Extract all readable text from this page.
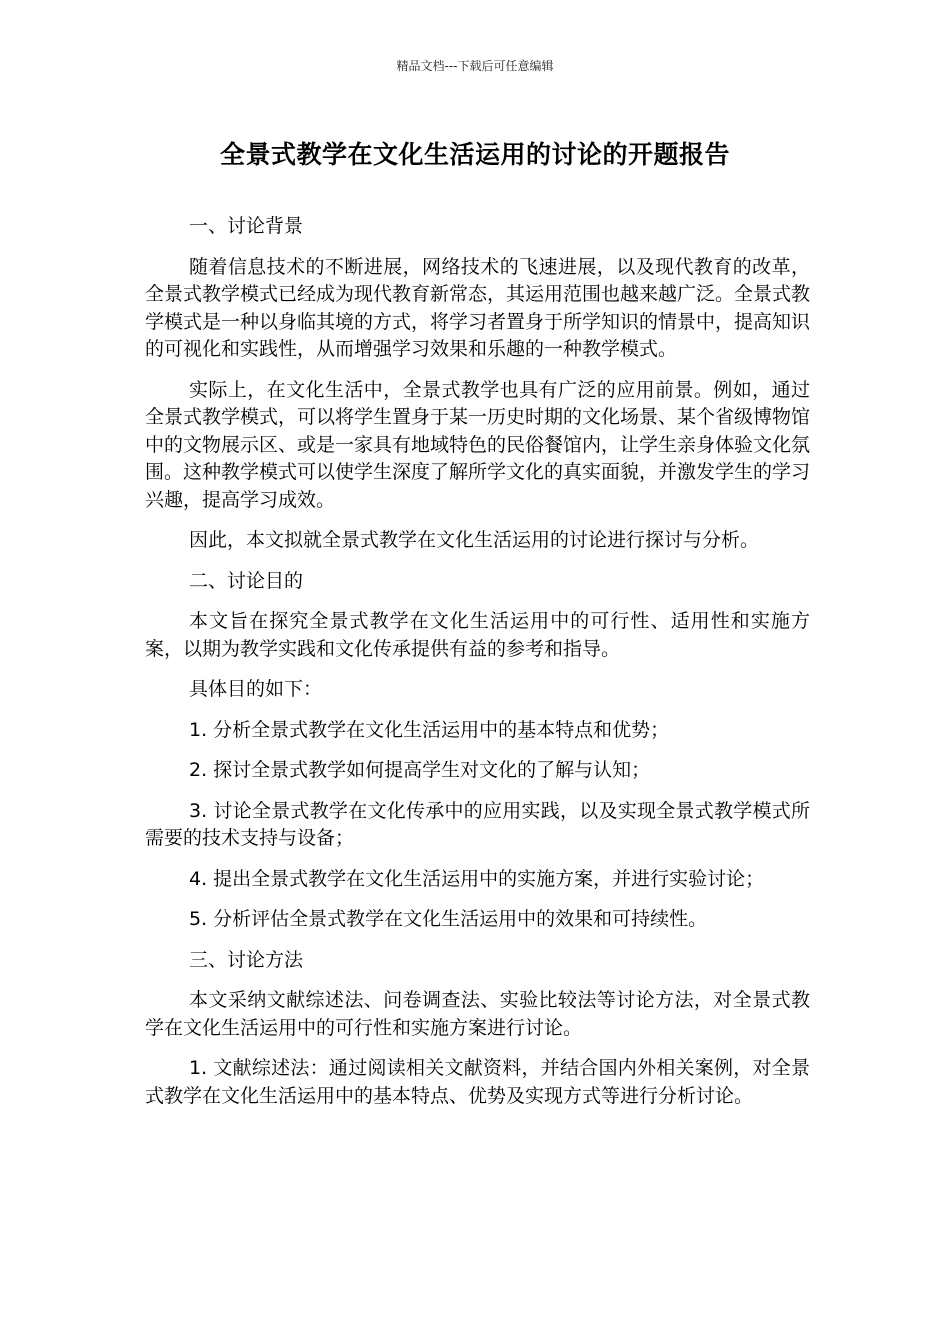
精品文档---下载后可任意编辑
全景式教学在文化生活运用的讨论的开题报告

一、讨论背景

随着信息技术的不断进展，网络技术的飞速进展，以及现代教育的改革，全景式教学模式已经成为现代教育新常态，其运用范围也越来越广泛。全景式教学模式是一种以身临其境的方式，将学习者置身于所学知识的情景中，提高知识的可视化和实践性，从而增强学习效果和乐趣的一种教学模式。

实际上，在文化生活中，全景式教学也具有广泛的应用前景。例如，通过全景式教学模式，可以将学生置身于某一历史时期的文化场景、某个省级博物馆中的文物展示区、或是一家具有地域特色的民俗餐馆内，让学生亲身体验文化氛围。这种教学模式可以使学生深度了解所学文化的真实面貌，并激发学生的学习兴趣，提高学习成效。

因此，本文拟就全景式教学在文化生活运用的讨论进行探讨与分析。

二、讨论目的

本文旨在探究全景式教学在文化生活运用中的可行性、适用性和实施方案，以期为教学实践和文化传承提供有益的参考和指导。

具体目的如下：

1. 分析全景式教学在文化生活运用中的基本特点和优势；

2. 探讨全景式教学如何提高学生对文化的了解与认知；

3. 讨论全景式教学在文化传承中的应用实践，以及实现全景式教学模式所需要的技术支持与设备；

4. 提出全景式教学在文化生活运用中的实施方案，并进行实验讨论；

5. 分析评估全景式教学在文化生活运用中的效果和可持续性。

三、讨论方法

本文采纳文献综述法、问卷调查法、实验比较法等讨论方法，对全景式教学在文化生活运用中的可行性和实施方案进行讨论。

1. 文献综述法：通过阅读相关文献资料，并结合国内外相关案例，对全景式教学在文化生活运用中的基本特点、优势及实现方式等进行分析讨论。
